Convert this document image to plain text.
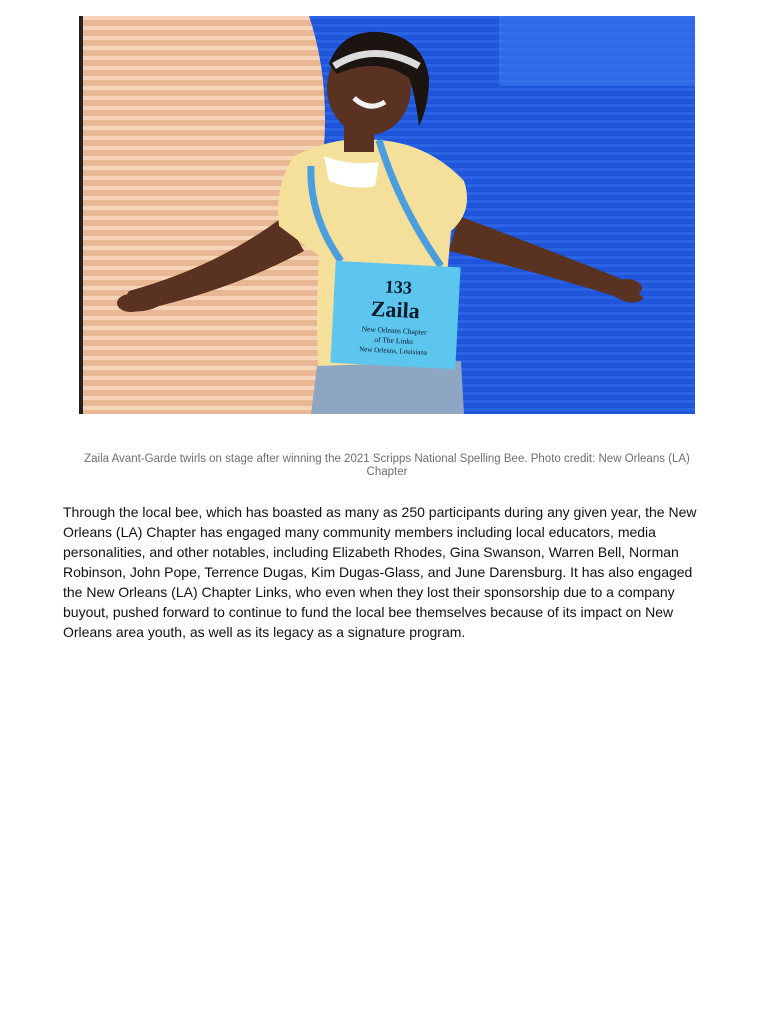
133
Zaila
New Orleans Chapter
of The Links
New Orleans, Louisiana
Zaila Avant-Garde twirls on stage after winning the 2021 Scripps National Spelling Bee. Photo credit: New Orleans (LA) Chapter

Through the local bee, which has boasted as many as 250 participants during any given year, the New Orleans (LA) Chapter has engaged many community members including local educators, media personalities, and other notables, including Elizabeth Rhodes, Gina Swanson, Warren Bell, Norman Robinson, John Pope, Terrence Dugas, Kim Dugas-Glass, and June Darensburg. It has also engaged the New Orleans (LA) Chapter Links, who even when they lost their sponsorship due to a company buyout, pushed forward to continue to fund the local bee themselves because of its impact on New Orleans area youth, as well as its legacy as a signature program.
